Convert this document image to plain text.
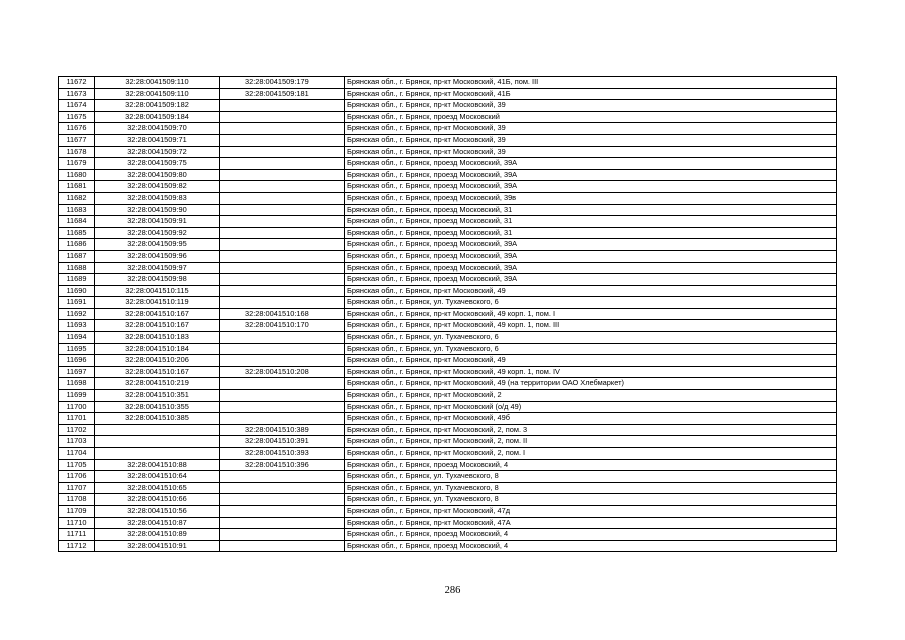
11672	32:28:0041509:110	32:28:0041509:179	Брянская обл., г. Брянск, пр-кт Московский, 41Б, пом. III
11673	32:28:0041509:110	32:28:0041509:181	Брянская обл., г. Брянск, пр-кт Московский, 41Б
11674	32:28:0041509:182		Брянская обл., г. Брянск, пр-кт Московский, 39
11675	32:28:0041509:184		Брянская обл., г. Брянск, проезд Московский
11676	32:28:0041509:70		Брянская обл., г. Брянск, пр-кт Московский, 39
11677	32:28:0041509:71		Брянская обл., г. Брянск, пр-кт Московский, 39
11678	32:28:0041509:72		Брянская обл., г. Брянск, пр-кт Московский, 39
11679	32:28:0041509:75		Брянская обл., г. Брянск, проезд Московский, 39А
11680	32:28:0041509:80		Брянская обл., г. Брянск, проезд Московский, 39А
11681	32:28:0041509:82		Брянская обл., г. Брянск, проезд Московский, 39А
11682	32:28:0041509:83		Брянская обл., г. Брянск, проезд Московский, 39в
11683	32:28:0041509:90		Брянская обл., г. Брянск, проезд Московский, 31
11684	32:28:0041509:91		Брянская обл., г. Брянск, проезд Московский, 31
11685	32:28:0041509:92		Брянская обл., г. Брянск, проезд Московский, 31
11686	32:28:0041509:95		Брянская обл., г. Брянск, проезд Московский, 39А
11687	32:28:0041509:96		Брянская обл., г. Брянск, проезд Московский, 39А
11688	32:28:0041509:97		Брянская обл., г. Брянск, проезд Московский, 39А
11689	32:28:0041509:98		Брянская обл., г. Брянск, проезд Московский, 39А
11690	32:28:0041510:115		Брянская обл., г. Брянск, пр-кт Московский, 49
11691	32:28:0041510:119		Брянская обл., г. Брянск, ул. Тухачевского, 6
11692	32:28:0041510:167	32:28:0041510:168	Брянская обл., г. Брянск, пр-кт Московский, 49 корп. 1, пом. I
11693	32:28:0041510:167	32:28:0041510:170	Брянская обл., г. Брянск, пр-кт Московский, 49 корп. 1, пом. III
11694	32:28:0041510:183		Брянская обл., г. Брянск, ул. Тухачевского, 6
11695	32:28:0041510:184		Брянская обл., г. Брянск, ул. Тухачевского, 6
11696	32:28:0041510:206		Брянская обл., г. Брянск, пр-кт Московский, 49
11697	32:28:0041510:167	32:28:0041510:208	Брянская обл., г. Брянск, пр-кт Московский, 49 корп. 1, пом. IV
11698	32:28:0041510:219		Брянская обл., г. Брянск, пр-кт Московский, 49 (на территории ОАО Хлебмаркет)
11699	32:28:0041510:351		Брянская обл., г. Брянск, пр-кт Московский, 2
11700	32:28:0041510:355		Брянская обл., г. Брянск, пр-кт Московский (о/д 49)
11701	32:28:0041510:385		Брянская обл., г. Брянск, пр-кт Московский, 49б
11702		32:28:0041510:389	Брянская обл., г. Брянск, пр-кт Московский, 2, пом. 3
11703		32:28:0041510:391	Брянская обл., г. Брянск, пр-кт Московский, 2, пом. II
11704		32:28:0041510:393	Брянская обл., г. Брянск, пр-кт Московский, 2, пом. I
11705	32:28:0041510:88	32:28:0041510:396	Брянская обл., г. Брянск, проезд Московский, 4
11706	32:28:0041510:64		Брянская обл., г. Брянск, ул. Тухачевского, 8
11707	32:28:0041510:65		Брянская обл., г. Брянск, ул. Тухачевского, 8
11708	32:28:0041510:66		Брянская обл., г. Брянск, ул. Тухачевского, 8
11709	32:28:0041510:56		Брянская обл., г. Брянск, пр-кт Московский, 47д
11710	32:28:0041510:87		Брянская обл., г. Брянск, пр-кт Московский, 47А
11711	32:28:0041510:89		Брянская обл., г. Брянск, проезд Московский, 4
11712	32:28:0041510:91		Брянская обл., г. Брянск, проезд Московский, 4
286
